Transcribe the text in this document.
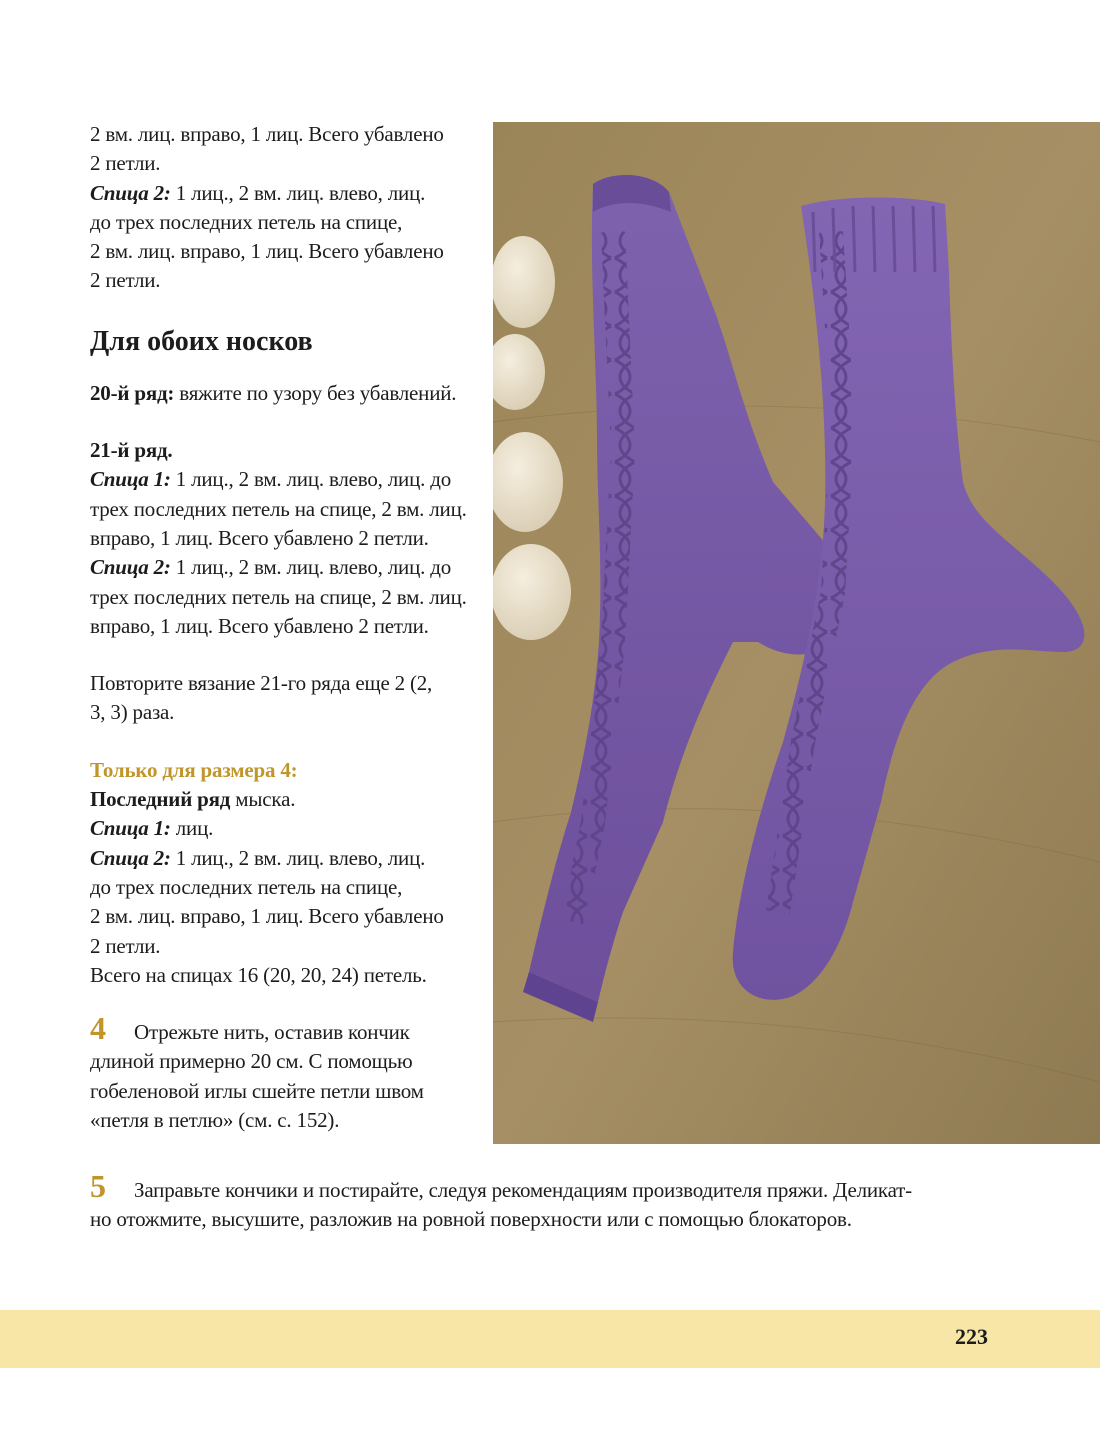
2 вм. лиц. вправо, 1 лиц. Всего убавлено

2 петли.

Спица 2: 1 лиц., 2 вм. лиц. влево, лиц.

до трех последних петель на спице,

2 вм. лиц. вправо, 1 лиц. Всего убавлено

2 петли.

Для обоих носков

20-й ряд: вяжите по узору без убавлений.

21-й ряд.

Спица 1: 1 лиц., 2 вм. лиц. влево, лиц. до

трех последних петель на спице, 2 вм. лиц.

вправо, 1 лиц. Всего убавлено 2 петли.

Спица 2: 1 лиц., 2 вм. лиц. влево, лиц. до

трех последних петель на спице, 2 вм. лиц.

вправо, 1 лиц. Всего убавлено 2 петли.

Повторите вязание 21-го ряда еще 2 (2,

3, 3) раза.

Только для размера 4:

Последний ряд мыска.

Спица 1: лиц.

Спица 2: 1 лиц., 2 вм. лиц. влево, лиц.

до трех последних петель на спице,

2 вм. лиц. вправо, 1 лиц. Всего убавлено

2 петли.

Всего на спицах 16 (20, 20, 24) петель.

4 Отрежьте нить, оставив кончик

длиной примерно 20 см. С помощью

гобеленовой иглы сшейте петли швом

«петля в петлю» (см. с. 152).

5 Заправьте кончики и постирайте, следуя рекомендациям производителя пряжи. Деликат-

но отожмите, высушите, разложив на ровной поверхности или с помощью блокаторов.

223
